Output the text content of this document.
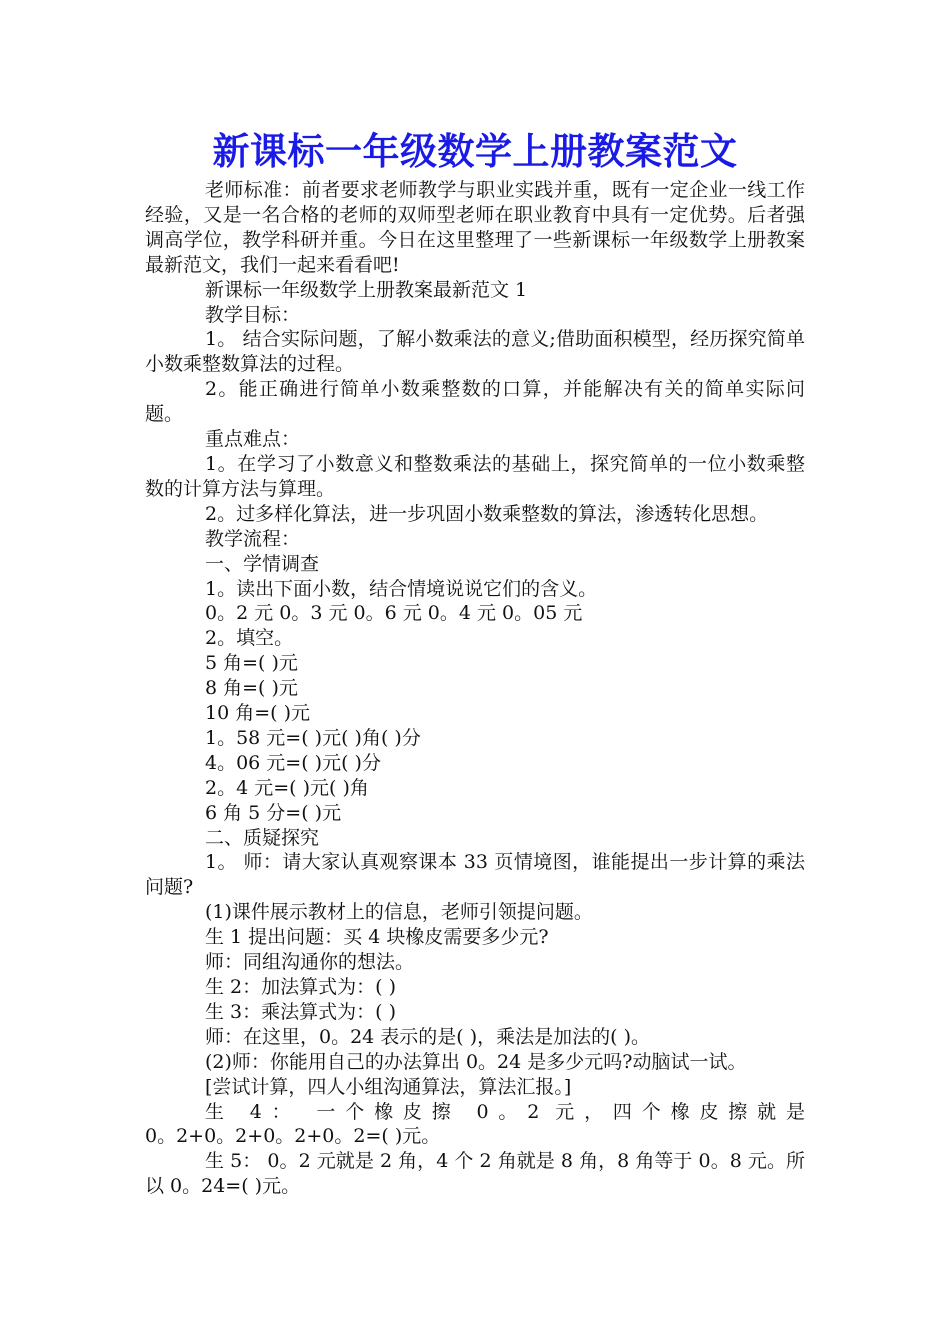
新课标一年级数学上册教案范文

老师标准：前者要求老师教学与职业实践并重，既有一定企业一线工作经验，又是一名合格的老师的双师型老师在职业教育中具有一定优势。后者强调高学位，教学科研并重。今日在这里整理了一些新课标一年级数学上册教案最新范文，我们一起来看看吧!

新课标一年级数学上册教案最新范文 1

教学目标：

1。 结合实际问题，了解小数乘法的意义;借助面积模型，经历探究简单小数乘整数算法的过程。

2。能正确进行简单小数乘整数的口算，并能解决有关的简单实际问题。

重点难点：

1。在学习了小数意义和整数乘法的基础上，探究简单的一位小数乘整数的计算方法与算理。

2。过多样化算法，进一步巩固小数乘整数的算法，渗透转化思想。

教学流程：

一、学情调查

1。读出下面小数，结合情境说说它们的含义。

0。2 元 0。3 元 0。6 元 0。4 元 0。05 元

2。填空。

5 角=( )元

8 角=( )元

10 角=( )元

1。58 元=( )元( )角( )分

4。06 元=( )元( )分

2。4 元=( )元( )角

6 角 5 分=( )元

二、质疑探究

1。 师：请大家认真观察课本 33 页情境图，谁能提出一步计算的乘法问题?

(1)课件展示教材上的信息，老师引领提问题。

生 1 提出问题：买 4 块橡皮需要多少元?

师：同组沟通你的想法。

生 2：加法算式为：( )

生 3：乘法算式为：( )

师：在这里，0。24 表示的是( )，乘法是加法的( )。

(2)师：你能用自己的办法算出 0。24 是多少元吗?动脑试一试。

[尝试计算，四人小组沟通算法，算法汇报。]

生 4： 一个橡皮擦 0。2 元，四个橡皮擦就是

0。2+0。2+0。2+0。2=( )元。

生 5： 0。2 元就是 2 角，4 个 2 角就是 8 角，8 角等于 0。8 元。所以 0。24=( )元。
